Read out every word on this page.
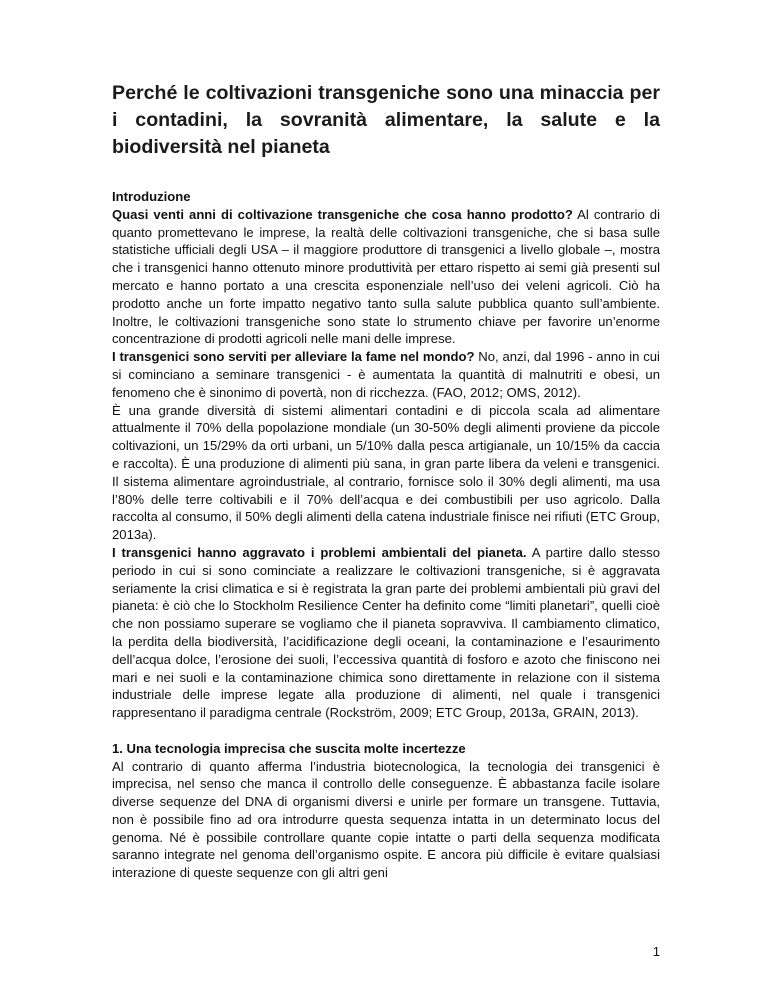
Perché le coltivazioni transgeniche sono una minaccia per i contadini, la sovranità alimentare, la salute e la biodiversità nel pianeta
Introduzione

Quasi venti anni di coltivazione transgeniche che cosa hanno prodotto? Al contrario di quanto promettevano le imprese, la realtà delle coltivazioni transgeniche, che si basa sulle statistiche ufficiali degli USA – il maggiore produttore di transgenici a livello globale –, mostra che i transgenici hanno ottenuto minore produttività per ettaro rispetto ai semi già presenti sul mercato e hanno portato a una crescita esponenziale nell’uso dei veleni agricoli. Ciò ha prodotto anche un forte impatto negativo tanto sulla salute pubblica quanto sull’ambiente. Inoltre, le coltivazioni transgeniche sono state lo strumento chiave per favorire un’enorme concentrazione di prodotti agricoli nelle mani delle imprese.

I transgenici sono serviti per alleviare la fame nel mondo? No, anzi, dal 1996 - anno in cui si cominciano a seminare transgenici - è aumentata la quantità di malnutriti e obesi, un fenomeno che è sinonimo di povertà, non di ricchezza. (FAO, 2012; OMS, 2012).

È una grande diversità di sistemi alimentari contadini e di piccola scala ad alimentare attualmente il 70% della popolazione mondiale (un 30-50% degli alimenti proviene da piccole coltivazioni, un 15/29% da orti urbani, un 5/10% dalla pesca artigianale, un 10/15% da caccia e raccolta). È una produzione di alimenti più sana, in gran parte libera da veleni e transgenici. Il sistema alimentare agroindustriale, al contrario, fornisce solo il 30% degli alimenti, ma usa l’80% delle terre coltivabili e il 70% dell’acqua e dei combustibili per uso agricolo. Dalla raccolta al consumo, il 50% degli alimenti della catena industriale finisce nei rifiuti (ETC Group, 2013a).

I transgenici hanno aggravato i problemi ambientali del pianeta. A partire dallo stesso periodo in cui si sono cominciate a realizzare le coltivazioni transgeniche, si è aggravata seriamente la crisi climatica e si è registrata la gran parte dei problemi ambientali più gravi del pianeta: è ciò che lo Stockholm Resilience Center ha definito come “limiti planetari”, quelli cioè che non possiamo superare se vogliamo che il pianeta sopravviva. Il cambiamento climatico, la perdita della biodiversità, l’acidificazione degli oceani, la contaminazione e l’esaurimento dell’acqua dolce, l’erosione dei suoli, l’eccessiva quantità di fosforo e azoto che finiscono nei mari e nei suoli e la contaminazione chimica sono direttamente in relazione con il sistema industriale delle imprese legate alla produzione di alimenti, nel quale i transgenici rappresentano il paradigma centrale (Rockström, 2009; ETC Group, 2013a, GRAIN, 2013).

1. Una tecnologia imprecisa che suscita molte incertezze

Al contrario di quanto afferma l’industria biotecnologica, la tecnologia dei transgenici è imprecisa, nel senso che manca il controllo delle conseguenze. È abbastanza facile isolare diverse sequenze del DNA di organismi diversi e unirle per formare un transgene. Tuttavia, non è possibile fino ad ora introdurre questa sequenza intatta in un determinato locus del genoma. Né è possibile controllare quante copie intatte o parti della sequenza modificata saranno integrate nel genoma dell’organismo ospite. E ancora più difficile è evitare qualsiasi interazione di queste sequenze con gli altri geni

1
